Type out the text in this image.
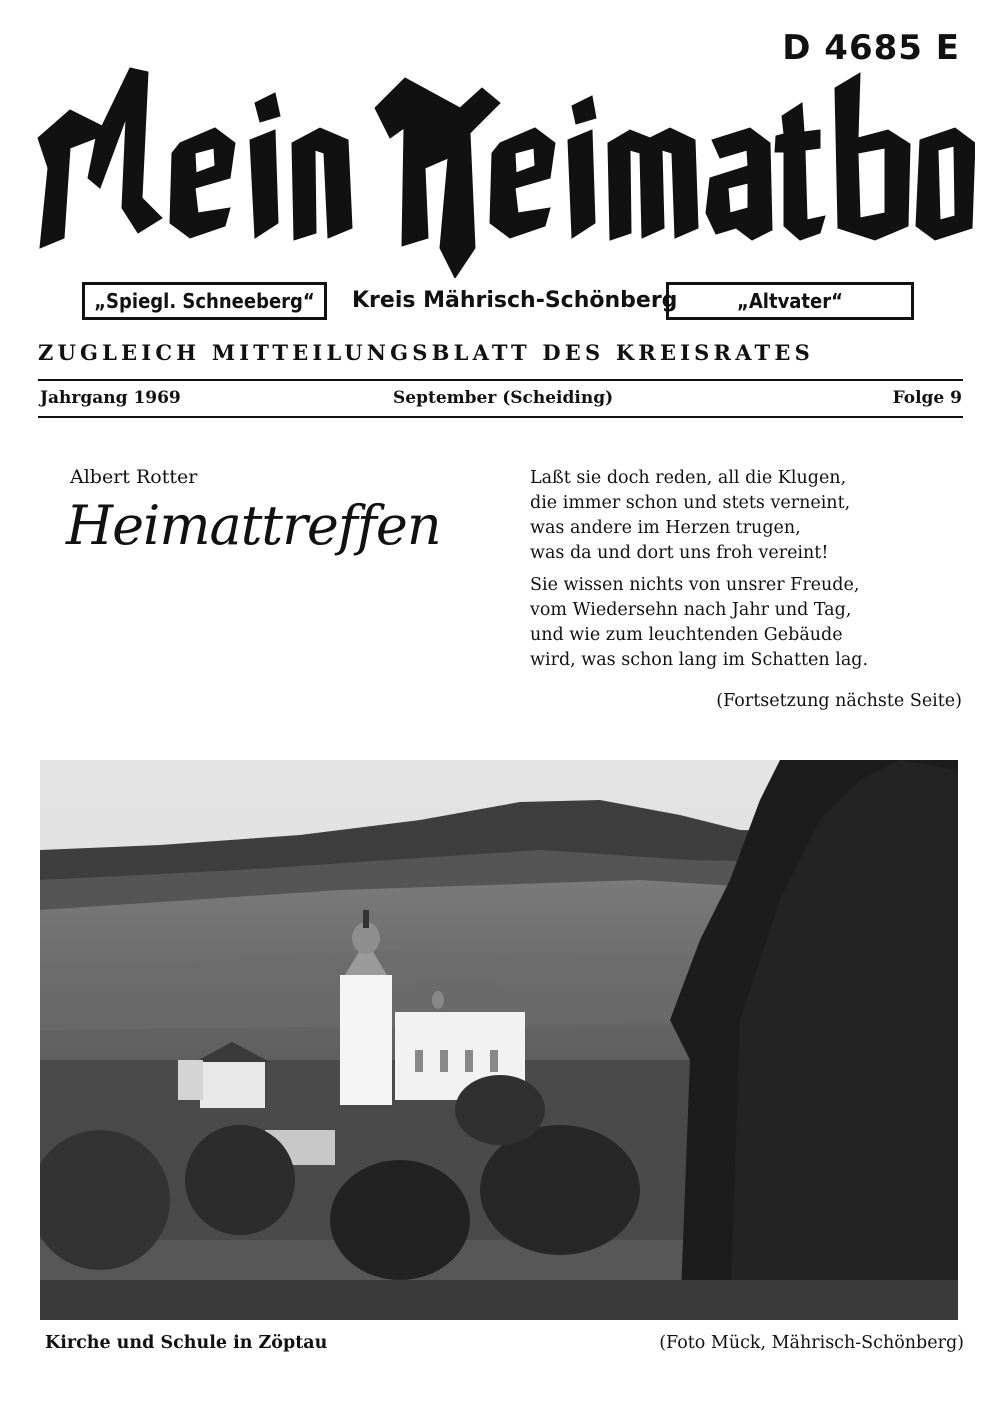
D 4685 E
„Spiegl. Schneeberg“	Kreis Mährisch-Schönberg	„Altvater“
ZUGLEICH MITTEILUNGSBLATT DES KREISRATES
Jahrgang 1969	September (Scheiding)	Folge 9
Albert Rotter
Heimattreffen
Laßt sie doch reden, all die Klugen,
die immer schon und stets verneint,
was andere im Herzen trugen,
was da und dort uns froh vereint!
Sie wissen nichts von unsrer Freude,
vom Wiedersehn nach Jahr und Tag,
und wie zum leuchtenden Gebäude
wird, was schon lang im Schatten lag.
(Fortsetzung nächste Seite)
Kirche und Schule in Zöptau	(Foto Mück, Mährisch-Schönberg)
